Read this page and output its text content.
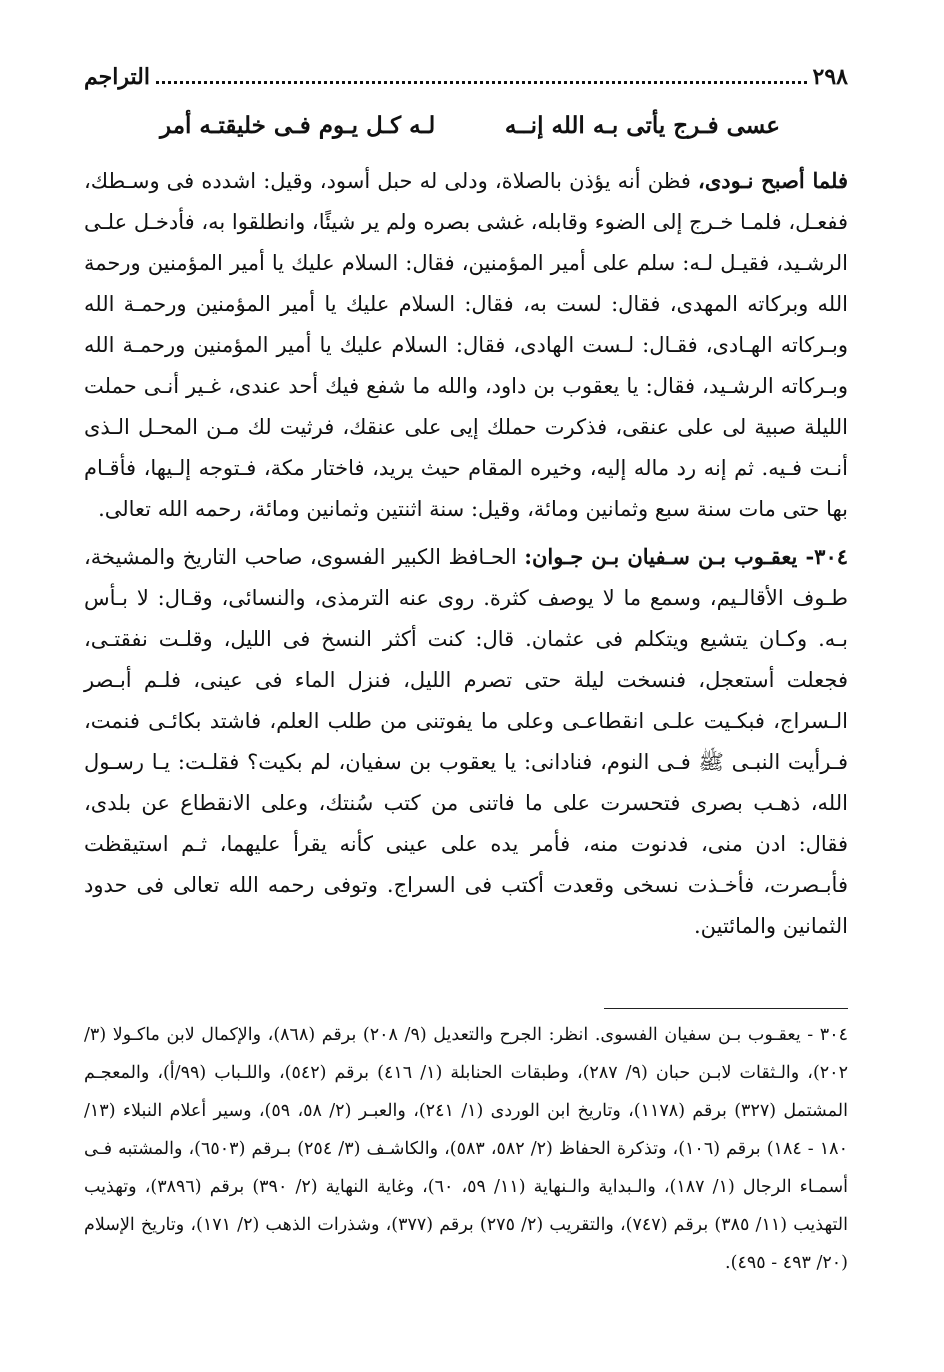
٢٩٨
التراجم
عسى فـرج يأتى بـه الله إنــه
لـه كـل يـوم فـى خليقتـه أمر

فلما أصبح نـودى، فظن أنه يؤذن بالصلاة، ودلى له حبل أسود، وقيل: اشدده فى وسـطك، ففعـل، فلمـا خـرج إلى الضوء وقابله، غشى بصره ولم ير شيئًا، وانطلقوا به، فأدخـل علـى الرشـيد، فقيـل لـه: سلم على أمير المؤمنين، فقال: السلام عليك يا أمير المؤمنين ورحمة الله وبركاته المهدى، فقال: لست به، فقال: السلام عليك يا أمير المؤمنين ورحمـة الله وبـركاته الهـادى، فقـال: لـست الهادى، فقال: السلام عليك يا أمير المؤمنين ورحمـة الله وبـركاته الرشـيد، فقال: يا يعقوب بن داود، والله ما شفع فيك أحد عندى، غـير أنـى حملت الليلة صبية لى على عنقى، فذكرت حملك إيى على عنقك، فرثيت لك مـن المحـل الـذى أنـت فـيه. ثم إنه رد ماله إليه، وخيره المقام حيث يريد، فاختار مكة، فـتوجه إلـيها، فأقـام بها حتى مات سنة سبع وثمانين ومائة، وقيل: سنة اثنتين وثمانين ومائة، رحمه الله تعالى.

٣٠٤- يعقـوب بـن سـفيان بـن جـوان: الحـافظ الكبير الفسوى، صاحب التاريخ والمشيخة، طـوف الأقالـيم، وسمع ما لا يوصف كثرة. روى عنه الترمذى، والنسائى، وقـال: لا بـأس بـه. وكـان يتشيع ويتكلم فى عثمان. قال: كنت أكثر النسخ فى الليل، وقلـت نفقتـى، فجعلت أستعجل، فنسخت ليلة حتى تصرم الليل، فنزل الماء فى عينى، فلـم أبـصر الـسراج، فبكـيت علـى انقطاعـى وعلى ما يفوتنى من طلب العلم، فاشتد بكائـى فنمت، فـرأيت النبـى ﷺ فـى النوم، فنادانى: يا يعقوب بن سفيان، لم بكيت؟ فقلـت: يـا رسـول الله، ذهـب بصرى فتحسرت على ما فاتنى من كتب سُنتك، وعلى الانقطاع عن بلدى، فقال: ادن منى، فدنوت منه، فأمر يده على عينى كأنه يقرأ عليهما، ثـم استيقظت فأبـصرت، فأخـذت نسخى وقعدت أكتب فى السراج. وتوفى رحمه الله تعالى فى حدود الثمانين والمائتين.

٣٠٤ - يعقـوب بـن سفيان الفسوى. انظر: الجرح والتعديل (٩/ ٢٠٨) برقم (٨٦٨)، والإكمال لابن ماكـولا (٣/ ٢٠٢)، والـثقات لابـن حبان (٩/ ٢٨٧)، وطبقات الحنابلة (١/ ٤١٦) برقم (٥٤٢)، واللـباب (٩٩/أ)، والمعجـم المشتمل (٣٢٧) برقم (١١٧٨)، وتاريخ ابن الوردى (١/ ٢٤١)، والعبـر (٢/ ٥٨، ٥٩)، وسير أعلام النبلاء (١٣/ ١٨٠ - ١٨٤) برقم (١٠٦)، وتذكرة الحفاظ (٢/ ٥٨٢، ٥٨٣)، والكاشـف (٣/ ٢٥٤) بـرقم (٦٥٠٣)، والمشتبه فـى أسمـاء الرجال (١/ ١٨٧)، والـبداية والـنهاية (١١/ ٥٩، ٦٠)، وغاية النهاية (٢/ ٣٩٠) برقم (٣٨٩٦)، وتهذيب التهذيب (١١/ ٣٨٥) برقم (٧٤٧)، والتقريب (٢/ ٢٧٥) برقم (٣٧٧)، وشذرات الذهب (٢/ ١٧١)، وتاريخ الإسلام (٢٠/ ٤٩٣ - ٤٩٥).
